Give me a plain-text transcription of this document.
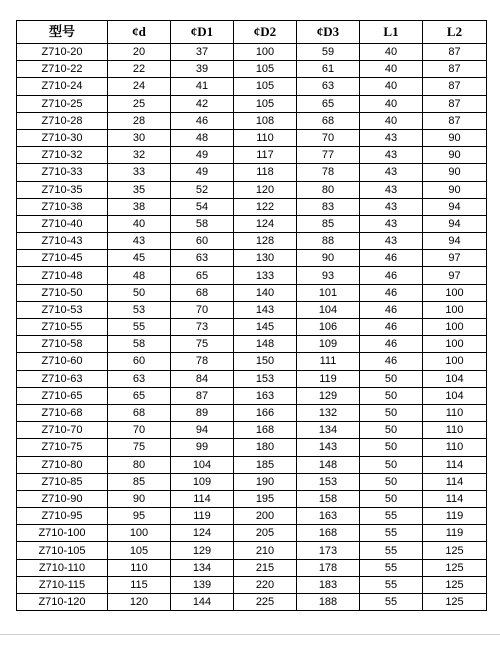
型号	¢d	¢D1	¢D2	¢D3	L1	L2
Z710-20	20	37	100	59	40	87
Z710-22	22	39	105	61	40	87
Z710-24	24	41	105	63	40	87
Z710-25	25	42	105	65	40	87
Z710-28	28	46	108	68	40	87
Z710-30	30	48	110	70	43	90
Z710-32	32	49	117	77	43	90
Z710-33	33	49	118	78	43	90
Z710-35	35	52	120	80	43	90
Z710-38	38	54	122	83	43	94
Z710-40	40	58	124	85	43	94
Z710-43	43	60	128	88	43	94
Z710-45	45	63	130	90	46	97
Z710-48	48	65	133	93	46	97
Z710-50	50	68	140	101	46	100
Z710-53	53	70	143	104	46	100
Z710-55	55	73	145	106	46	100
Z710-58	58	75	148	109	46	100
Z710-60	60	78	150	111	46	100
Z710-63	63	84	153	119	50	104
Z710-65	65	87	163	129	50	104
Z710-68	68	89	166	132	50	110
Z710-70	70	94	168	134	50	110
Z710-75	75	99	180	143	50	110
Z710-80	80	104	185	148	50	114
Z710-85	85	109	190	153	50	114
Z710-90	90	114	195	158	50	114
Z710-95	95	119	200	163	55	119
Z710-100	100	124	205	168	55	119
Z710-105	105	129	210	173	55	125
Z710-110	110	134	215	178	55	125
Z710-115	115	139	220	183	55	125
Z710-120	120	144	225	188	55	125
